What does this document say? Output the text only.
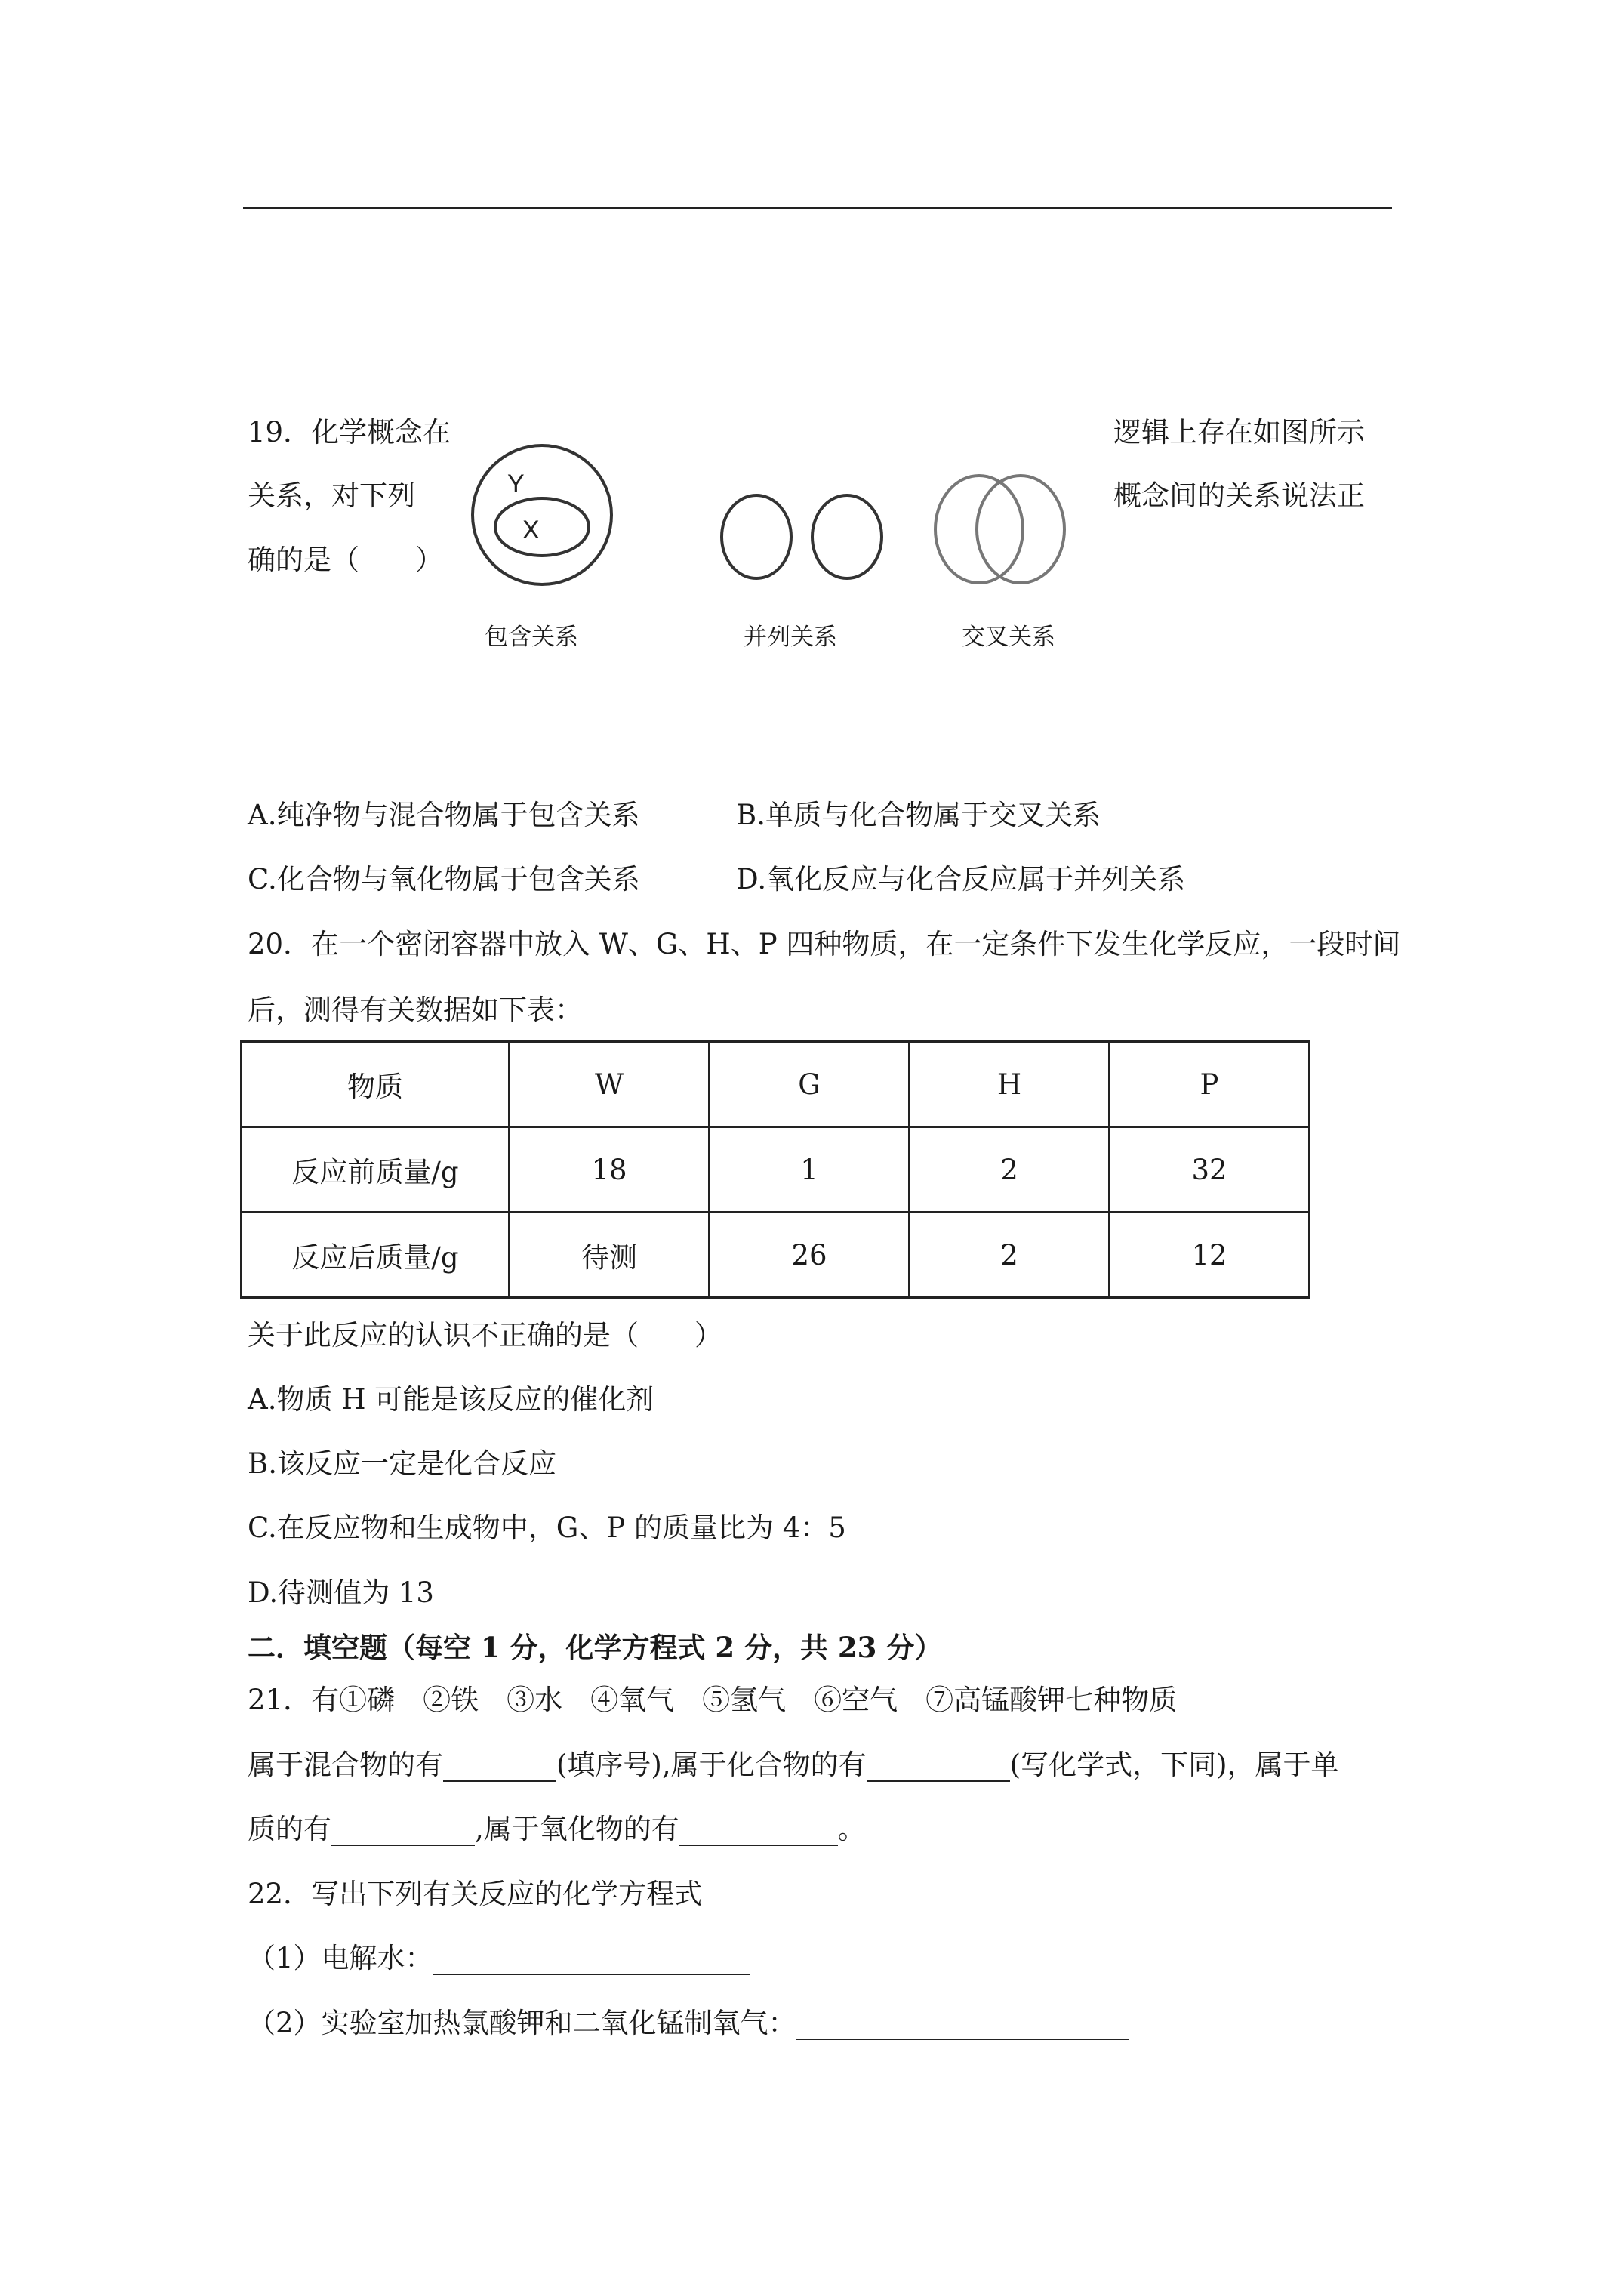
19．化学概念在	逻辑上存在如图所示
关系，对下列	概念间的关系说法正
确的是（　　）
Y
X
包含关系	并列关系	交叉关系
A.纯净物与混合物属于包含关系	B.单质与化合物属于交叉关系
C.化合物与氧化物属于包含关系	D.氧化反应与化合反应属于并列关系
20．在一个密闭容器中放入 W、G、H、P 四种物质，在一定条件下发生化学反应，一段时间
后，测得有关数据如下表：
物质	W	G	H	P
反应前质量/g	18	1	2	32
反应后质量/g	待测	26	2	12
关于此反应的认识不正确的是（　　）
A.物质 H 可能是该反应的催化剂
B.该反应一定是化合反应
C.在反应物和生成物中，G、P 的质量比为 4：5
D.待测值为 13
二．填空题（每空 1 分，化学方程式 2 分，共 23 分）
21．有①磷　②铁　③水　④氧气　⑤氢气　⑥空气　⑦高锰酸钾七种物质
属于混合物的有	(填序号),属于化合物的有	(写化学式，下同)，属于单
质的有	,属于氧化物的有	。
22．写出下列有关反应的化学方程式
（1）电解水：
（2）实验室加热氯酸钾和二氧化锰制氧气：
